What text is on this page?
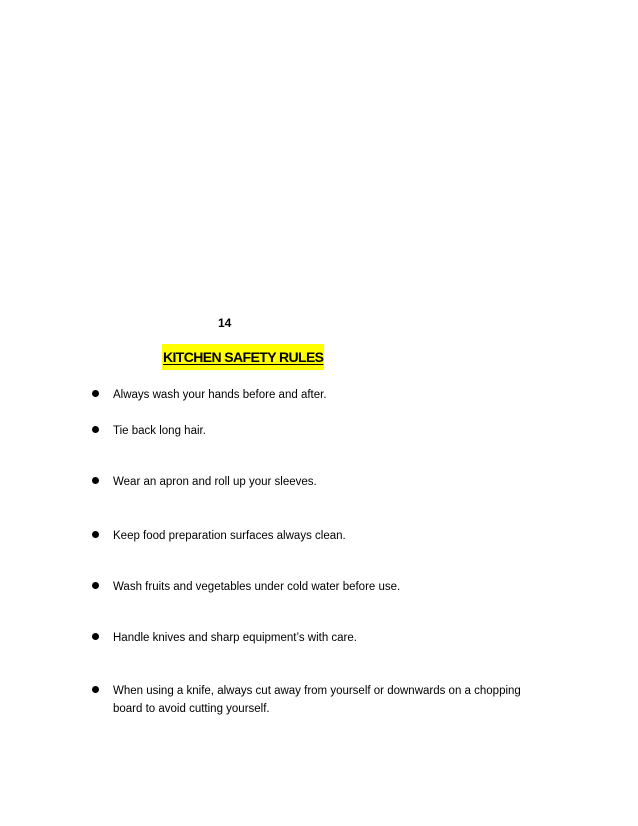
14
KITCHEN SAFETY RULES
Always wash your hands before and after.
Tie back long hair.
Wear an apron and roll up your sleeves.
Keep food preparation surfaces always clean.
Wash fruits and vegetables under cold water before use.
Handle knives and sharp equipment’s with care.
When using a knife, always cut away from yourself or downwards on a chopping board to avoid cutting yourself.
